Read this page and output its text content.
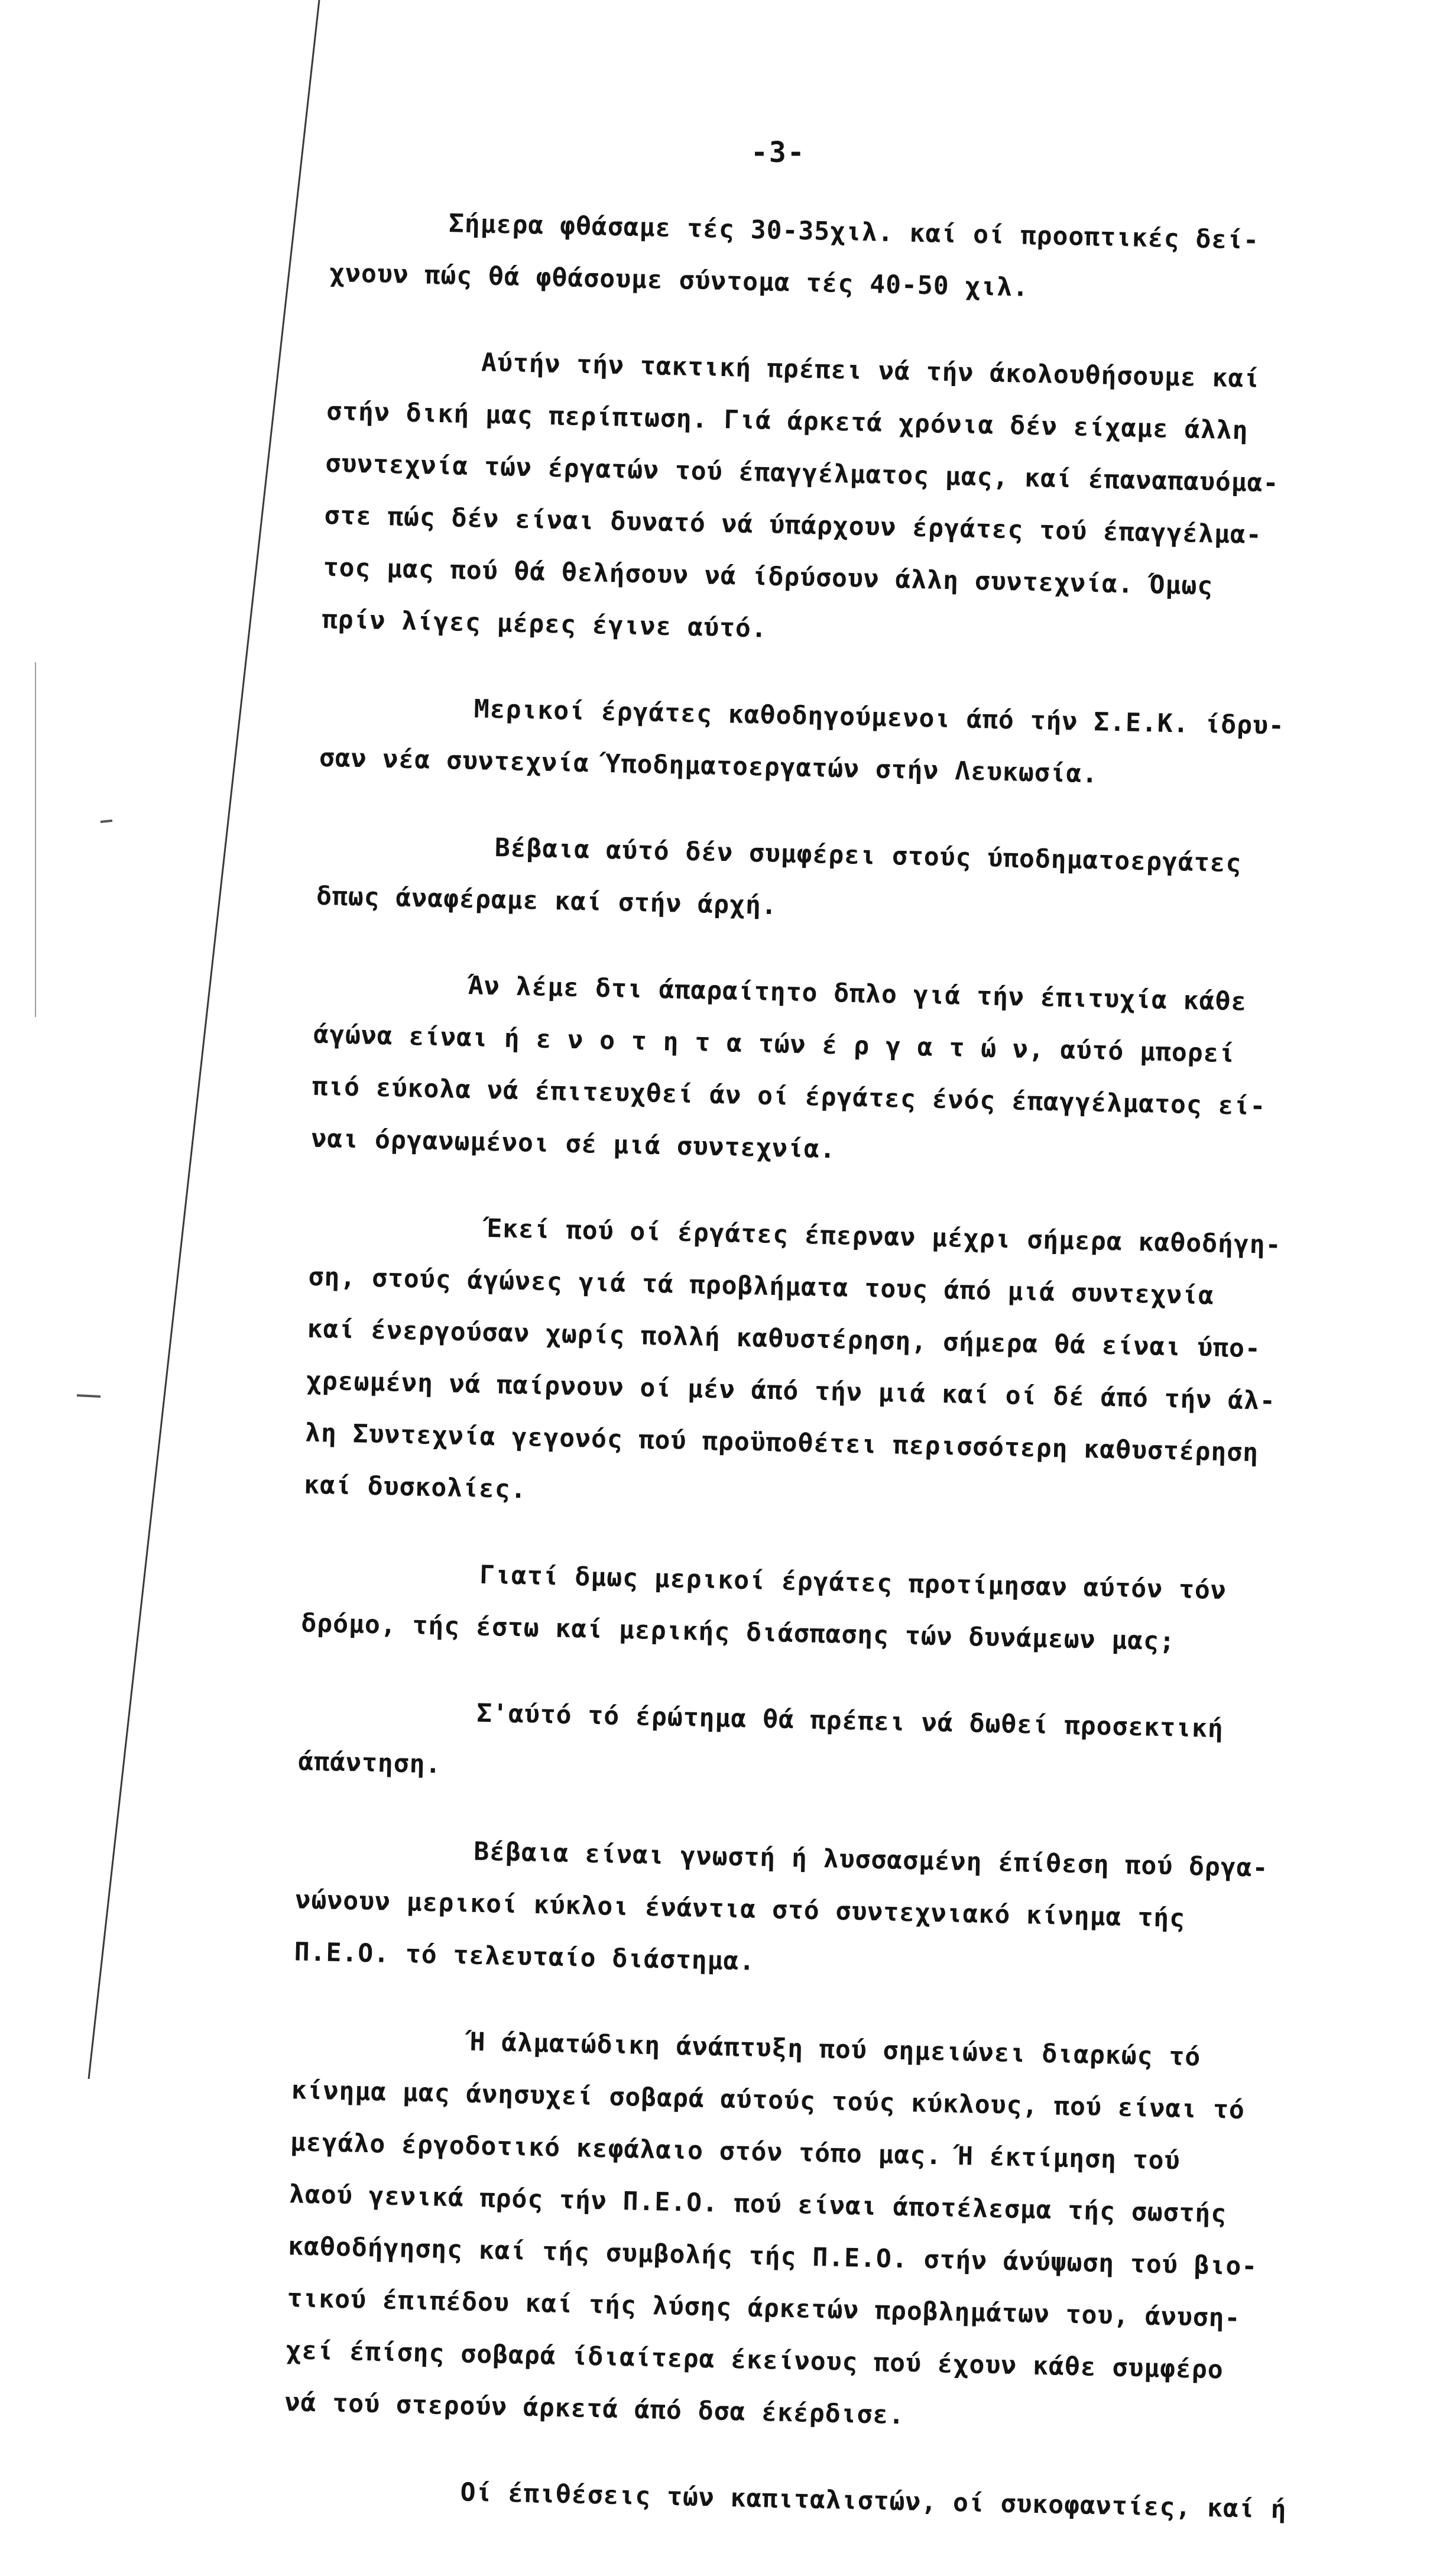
-3-

Σήμερα φθάσαμε τές 30-35χιλ. καί οί προοπτικές δεί-
χνουν πώς θά φθάσουμε σύντομα τές 40-50 χιλ.

Αύτήν τήν τακτική πρέπει νά τήν άκολουθήσουμε καί
στήν δική μας περίπτωση. Γιά άρκετά χρόνια δέν είχαμε άλλη
συντεχνία τών έργατών τού έπαγγέλματος μας, καί έπαναπαυόμα-
στε πώς δέν είναι δυνατό νά ύπάρχουν έργάτες τού έπαγγέλμα-
τος μας πού θά θελήσουν νά ίδρύσουν άλλη συντεχνία. Όμως
πρίν λίγες μέρες έγινε αύτό.

Μερικοί έργάτες καθοδηγούμενοι άπό τήν Σ.Ε.Κ. ίδρυ-
σαν νέα συντεχνία Ύποδηματοεργατών στήν Λευκωσία.

Βέβαια αύτό δέν συμφέρει στούς ύποδηματοεργάτες
δπως άναφέραμε καί στήν άρχή.

Άν λέμε δτι άπαραίτητο δπλο γιά τήν έπιτυχία κάθε
άγώνα είναι ή ε ν ο τ η τ α τών έ ρ γ α τ ώ ν, αύτό μπορεί
πιό εύκολα νά έπιτευχθεί άν οί έργάτες ένός έπαγγέλματος εί-
ναι όργανωμένοι σέ μιά συντεχνία.

Έκεί πού οί έργάτες έπερναν μέχρι σήμερα καθοδήγη-
ση, στούς άγώνες γιά τά προβλήματα τους άπό μιά συντεχνία
καί ένεργούσαν χωρίς πολλή καθυστέρηση, σήμερα θά είναι ύπο-
χρεωμένη νά παίρνουν οί μέν άπό τήν μιά καί οί δέ άπό τήν άλ-
λη Συντεχνία γεγονός πού προϋποθέτει περισσότερη καθυστέρηση
καί δυσκολίες.

Γιατί δμως μερικοί έργάτες προτίμησαν αύτόν τόν
δρόμο, τής έστω καί μερικής διάσπασης τών δυνάμεων μας;

Σ'αύτό τό έρώτημα θά πρέπει νά δωθεί προσεκτική
άπάντηση.

Βέβαια είναι γνωστή ή λυσσασμένη έπίθεση πού δργα-
νώνουν μερικοί κύκλοι ένάντια στό συντεχνιακό κίνημα τής
Π.Ε.Ο. τό τελευταίο διάστημα.

Ή άλματώδικη άνάπτυξη πού σημειώνει διαρκώς τό
κίνημα μας άνησυχεί σοβαρά αύτούς τούς κύκλους, πού είναι τό
μεγάλο έργοδοτικό κεφάλαιο στόν τόπο μας. Ή έκτίμηση τού
λαού γενικά πρός τήν Π.Ε.Ο. πού είναι άποτέλεσμα τής σωστής
καθοδήγησης καί τής συμβολής τής Π.Ε.Ο. στήν άνύψωση τού βιο-
τικού έπιπέδου καί τής λύσης άρκετών προβλημάτων του, άνυση-
χεί έπίσης σοβαρά ίδιαίτερα έκείνους πού έχουν κάθε συμφέρο
νά τού στερούν άρκετά άπό δσα έκέρδισε.

Οί έπιθέσεις τών καπιταλιστών, οί συκοφαντίες, καί ή
